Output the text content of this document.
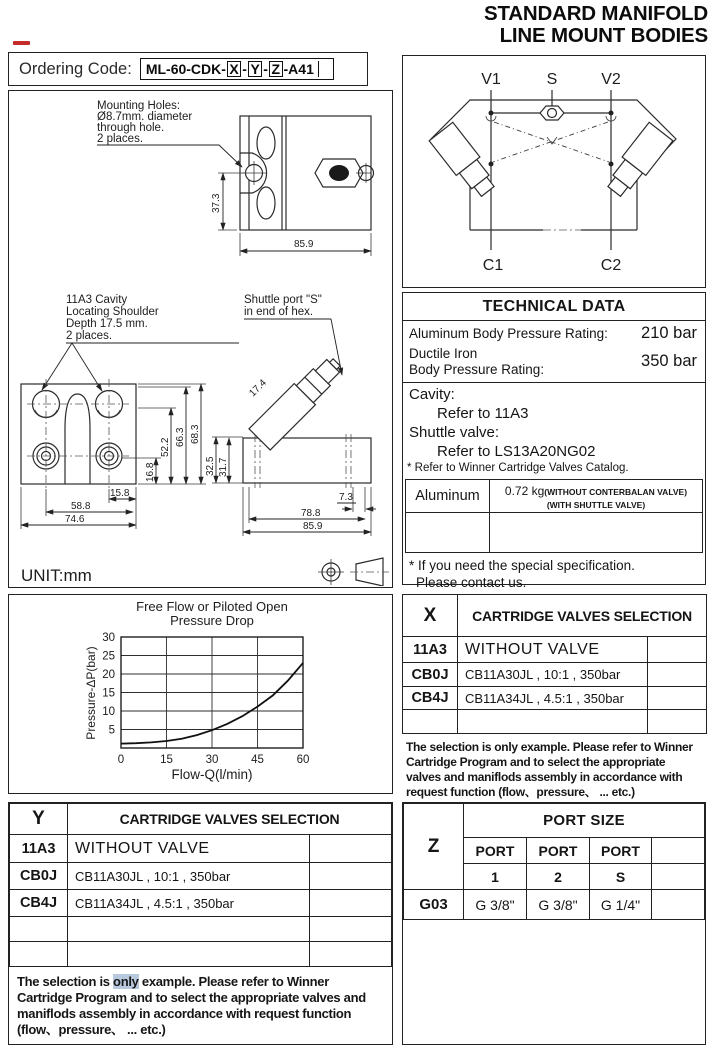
STANDARD MANIFOLD
LINE MOUNT BODIES
Ordering Code: ML-60-CDK- X - Y - Z -A41
Mounting Holes:
Ø8.7mm. diameter
through hole.
2 places.
37.3
85.9
11A3 Cavity
Locating Shoulder
Depth 17.5 mm.
2 places.
16.8
52.2
66.3 68.3
15.8
58.8
74.6
Shuttle port "S"
in end of hex.
17.4
32.5 31.7
7.3
78.8
85.9
UNIT:mm
V1	S	V2
C1	C2
TECHNICAL DATA
Aluminum Body Pressure Rating: 210 bar
Ductile Iron
Body Pressure Rating:	350 bar
Cavity:
Refer to 11A3
Shuttle valve:
Refer to LS13A20NG02
* Refer to Winner Cartridge Valves Catalog.
Aluminum	0.72 kg(WITHOUT CONTERBALAN VALVE)
(WITH SHUTTLE VALVE)

* If you need the special specification.
Please contact us.
Free Flow or Piloted Open
Pressure Drop
Pressure-ΔP(bar)
Flow-Q(l/min)
0	15	30	45	60
5
10
15
20
25
30
X	CARTRIDGE VALVES SELECTION	
11A3	WITHOUT VALVE	
CB0J	CB11A30JL , 10:1 , 350bar	
CB4J	CB11A34JL , 4.5:1 , 350bar	

The selection is only example. Please refer to Winner Cartridge Program and to select the appropriate valves and maniflods assembly in accordance with request function (flow、pressure、 ... etc.)
Y	CARTRIDGE VALVES SELECTION	
11A3	WITHOUT VALVE	
CB0J	CB11A30JL , 10:1 , 350bar	
CB4J	CB11A34JL , 4.5:1 , 350bar	

The selection is only example. Please refer to Winner Cartridge Program and to select the appropriate valves and maniflods assembly in accordance with request function (flow、pressure、 ... etc.)
Z	PORT SIZE			
	PORT	PORT	PORT	
	1	2	S	
G03	G 3/8"	G 3/8"	G 1/4"	
